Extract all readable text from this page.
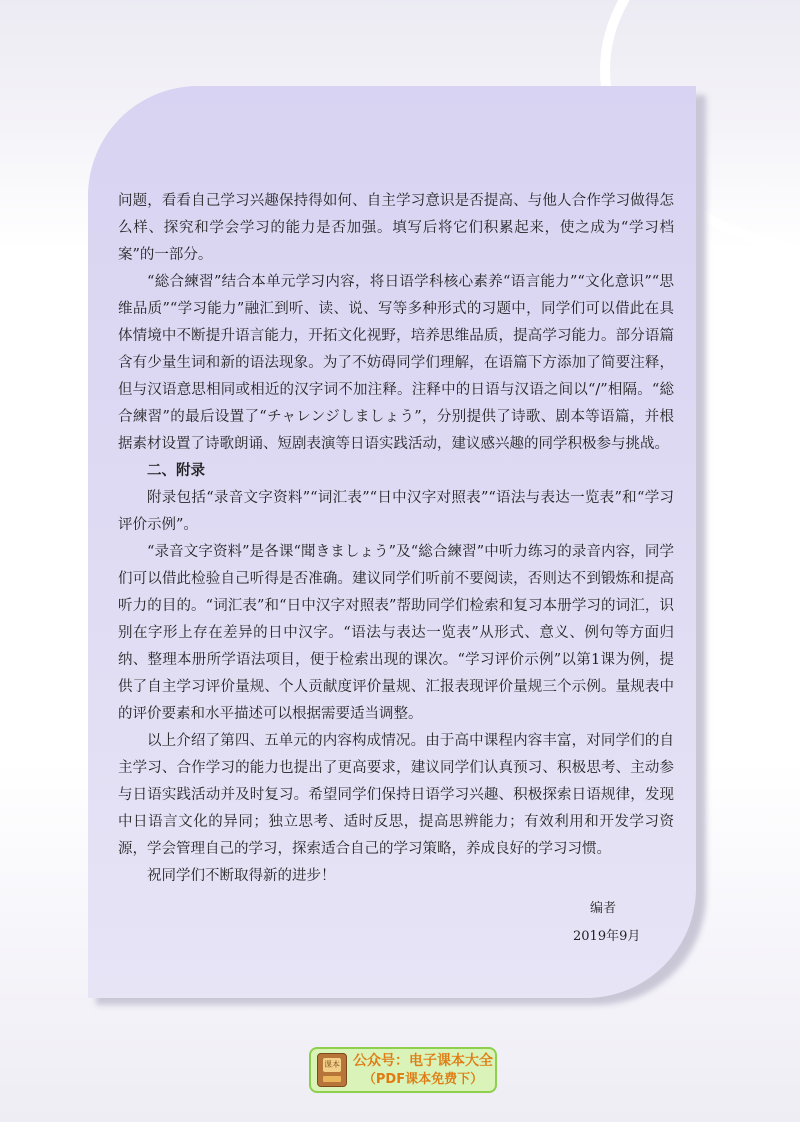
问题，看看自己学习兴趣保持得如何、自主学习意识是否提高、与他人合作学习做得怎么样、探究和学会学习的能力是否加强。填写后将它们积累起来，使之成为“学习档案”的一部分。

“総合練習”结合本单元学习内容，将日语学科核心素养“语言能力”“文化意识”“思维品质”“学习能力”融汇到听、读、说、写等多种形式的习题中，同学们可以借此在具体情境中不断提升语言能力，开拓文化视野，培养思维品质，提高学习能力。部分语篇含有少量生词和新的语法现象。为了不妨碍同学们理解，在语篇下方添加了简要注释，但与汉语意思相同或相近的汉字词不加注释。注释中的日语与汉语之间以“/”相隔。“総合練習”的最后设置了“チャレンジしましょう”，分别提供了诗歌、剧本等语篇，并根据素材设置了诗歌朗诵、短剧表演等日语实践活动，建议感兴趣的同学积极参与挑战。

二、附录

附录包括“录音文字资料”“词汇表”“日中汉字对照表”“语法与表达一览表”和“学习评价示例”。

“录音文字资料”是各课“聞きましょう”及“総合練習”中听力练习的录音内容，同学们可以借此检验自己听得是否准确。建议同学们听前不要阅读，否则达不到锻炼和提高听力的目的。“词汇表”和“日中汉字对照表”帮助同学们检索和复习本册学习的词汇，识别在字形上存在差异的日中汉字。“语法与表达一览表”从形式、意义、例句等方面归纳、整理本册所学语法项目，便于检索出现的课次。“学习评价示例”以第1课为例，提供了自主学习评价量规、个人贡献度评价量规、汇报表现评价量规三个示例。量规表中的评价要素和水平描述可以根据需要适当调整。

以上介绍了第四、五单元的内容构成情况。由于高中课程内容丰富，对同学们的自主学习、合作学习的能力也提出了更高要求，建议同学们认真预习、积极思考、主动参与日语实践活动并及时复习。希望同学们保持日语学习兴趣、积极探索日语规律，发现中日语言文化的异同；独立思考、适时反思，提高思辨能力；有效利用和开发学习资源，学会管理自己的学习，探索适合自己的学习策略，养成良好的学习习惯。

祝同学们不断取得新的进步！

编者
2019年9月
课本 公众号：电子课本大全
（PDF课本免费下）
